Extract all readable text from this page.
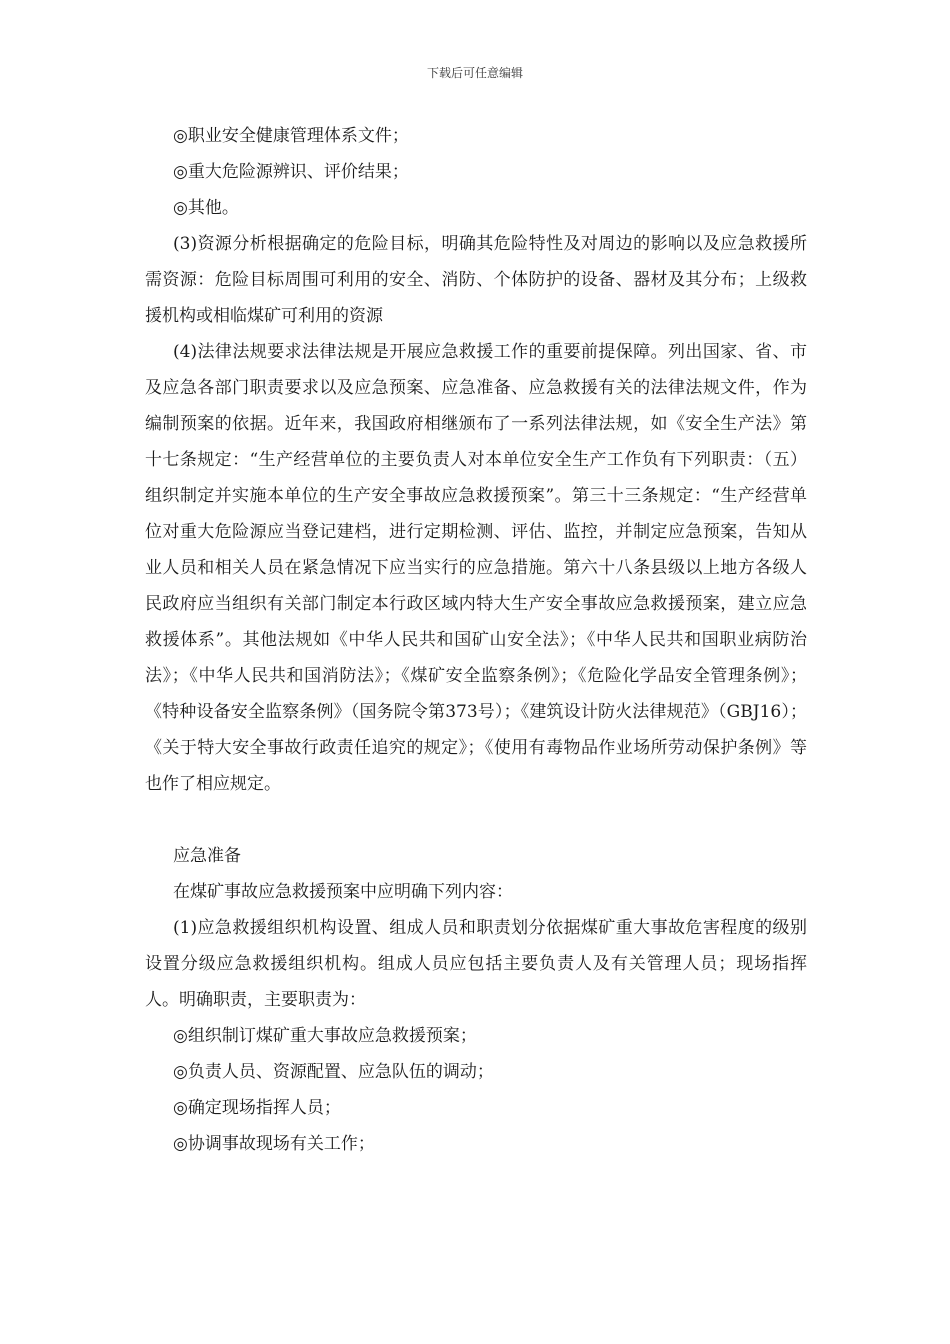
下载后可任意编辑

◎职业安全健康管理体系文件；

◎重大危险源辨识、评价结果；

◎其他。

(3)资源分析根据确定的危险目标，明确其危险特性及对周边的影响以及应急救援所需资源：危险目标周围可利用的安全、消防、个体防护的设备、器材及其分布；上级救援机构或相临煤矿可利用的资源

(4)法律法规要求法律法规是开展应急救援工作的重要前提保障。列出国家、省、市及应急各部门职责要求以及应急预案、应急准备、应急救援有关的法律法规文件，作为编制预案的依据。近年来，我国政府相继颁布了一系列法律法规，如《安全生产法》第十七条规定：“生产经营单位的主要负责人对本单位安全生产工作负有下列职责：（五）组织制定并实施本单位的生产安全事故应急救援预案”。第三十三条规定：“生产经营单位对重大危险源应当登记建档，进行定期检测、评估、监控，并制定应急预案，告知从业人员和相关人员在紧急情况下应当实行的应急措施。第六十八条县级以上地方各级人民政府应当组织有关部门制定本行政区域内特大生产安全事故应急救援预案，建立应急救援体系”。其他法规如《中华人民共和国矿山安全法》；《中华人民共和国职业病防治法》；《中华人民共和国消防法》；《煤矿安全监察条例》；《危险化学品安全管理条例》；《特种设备安全监察条例》（国务院令第373号）；《建筑设计防火法律规范》（GBJ16）；《关于特大安全事故行政责任追究的规定》；《使用有毒物品作业场所劳动保护条例》等也作了相应规定。

应急准备

在煤矿事故应急救援预案中应明确下列内容：

(1)应急救援组织机构设置、组成人员和职责划分依据煤矿重大事故危害程度的级别设置分级应急救援组织机构。组成人员应包括主要负责人及有关管理人员；现场指挥人。明确职责，主要职责为：

◎组织制订煤矿重大事故应急救援预案；

◎负责人员、资源配置、应急队伍的调动；

◎确定现场指挥人员；

◎协调事故现场有关工作；
